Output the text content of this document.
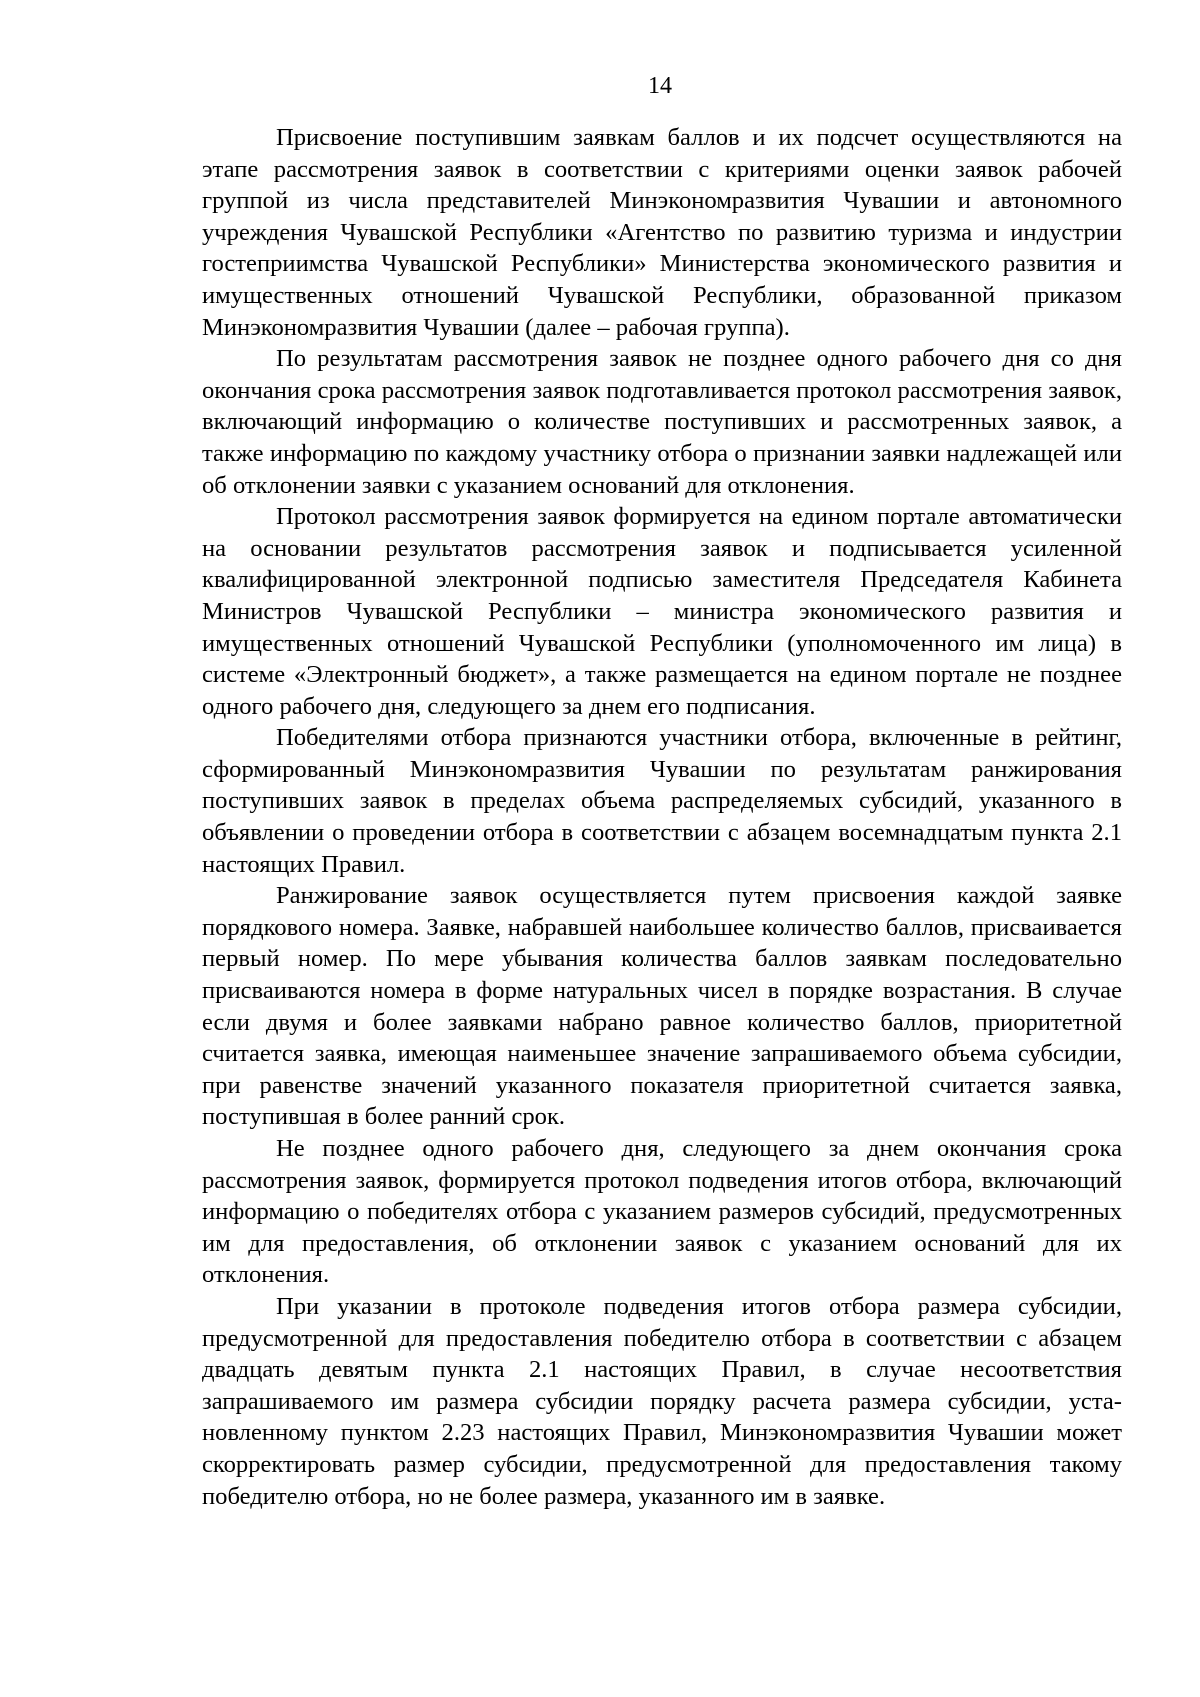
14

Присвоение поступившим заявкам баллов и их подсчет осуществляются на этапе рассмотрения заявок в соответствии с критериями оценки заявок рабочей группой из числа представителей Минэкономразвития Чувашии и автономного учреждения Чувашской Республики «Агентство по развитию туризма и индустрии гостеприимства Чувашской Республики» Министерства экономического развития и имущественных отношений Чувашской Республики, образованной приказом Минэкономразвития Чувашии (далее – рабочая группа).

По результатам рассмотрения заявок не позднее одного рабочего дня со дня окончания срока рассмотрения заявок подготавливается протокол рассмотрения заявок, включающий информацию о количестве поступивших и рассмотренных заявок, а также информацию по каждому участнику отбора о признании заявки надлежащей или об отклонении заявки с указанием оснований для отклонения.

Протокол рассмотрения заявок формируется на едином портале автоматически на основании результатов рассмотрения заявок и подписывается усиленной квалифицированной электронной подписью заместителя Председателя Кабинета Министров Чувашской Республики – министра экономического развития и имущественных отношений Чувашской Республики (уполномоченного им лица) в системе «Электронный бюджет», а также размещается на едином портале не позднее одного рабочего дня, следующего за днем его подписания.

Победителями отбора признаются участники отбора, включенные в рейтинг, сформированный Минэкономразвития Чувашии по результатам ранжирования поступивших заявок в пределах объема распределяемых субсидий, указанного в объявлении о проведении отбора в соответствии с абзацем восемнадцатым пункта 2.1 настоящих Правил.

Ранжирование заявок осуществляется путем присвоения каждой заявке порядкового номера. Заявке, набравшей наибольшее количество баллов, присваивается первый номер. По мере убывания количества баллов заявкам последовательно присваиваются номера в форме натуральных чисел в порядке возрастания. В случае если двумя и более заявками набрано равное количество баллов, приоритетной считается заявка, имеющая наименьшее значение запрашиваемого объема субсидии, при равенстве значений указанного показателя приоритетной считается заявка, поступившая в более ранний срок.

Не позднее одного рабочего дня, следующего за днем окончания срока рассмотрения заявок, формируется протокол подведения итогов отбора, включающий информацию о победителях отбора с указанием размеров субсидий, предусмотренных им для предоставления, об отклонении заявок с указанием оснований для их отклонения.

При указании в протоколе подведения итогов отбора размера субсидии, предусмотренной для предоставления победителю отбора в соответствии с абзацем двадцать девятым пункта 2.1 настоящих Правил, в случае несоответствия запрашиваемого им размера субсидии порядку расчета размера субсидии, установленному пунктом 2.23 настоящих Правил, Минэкономразвития Чувашии может скорректировать размер субсидии, предусмотренной для предоставления такому победителю отбора, но не более размера, указанного им в заявке.
